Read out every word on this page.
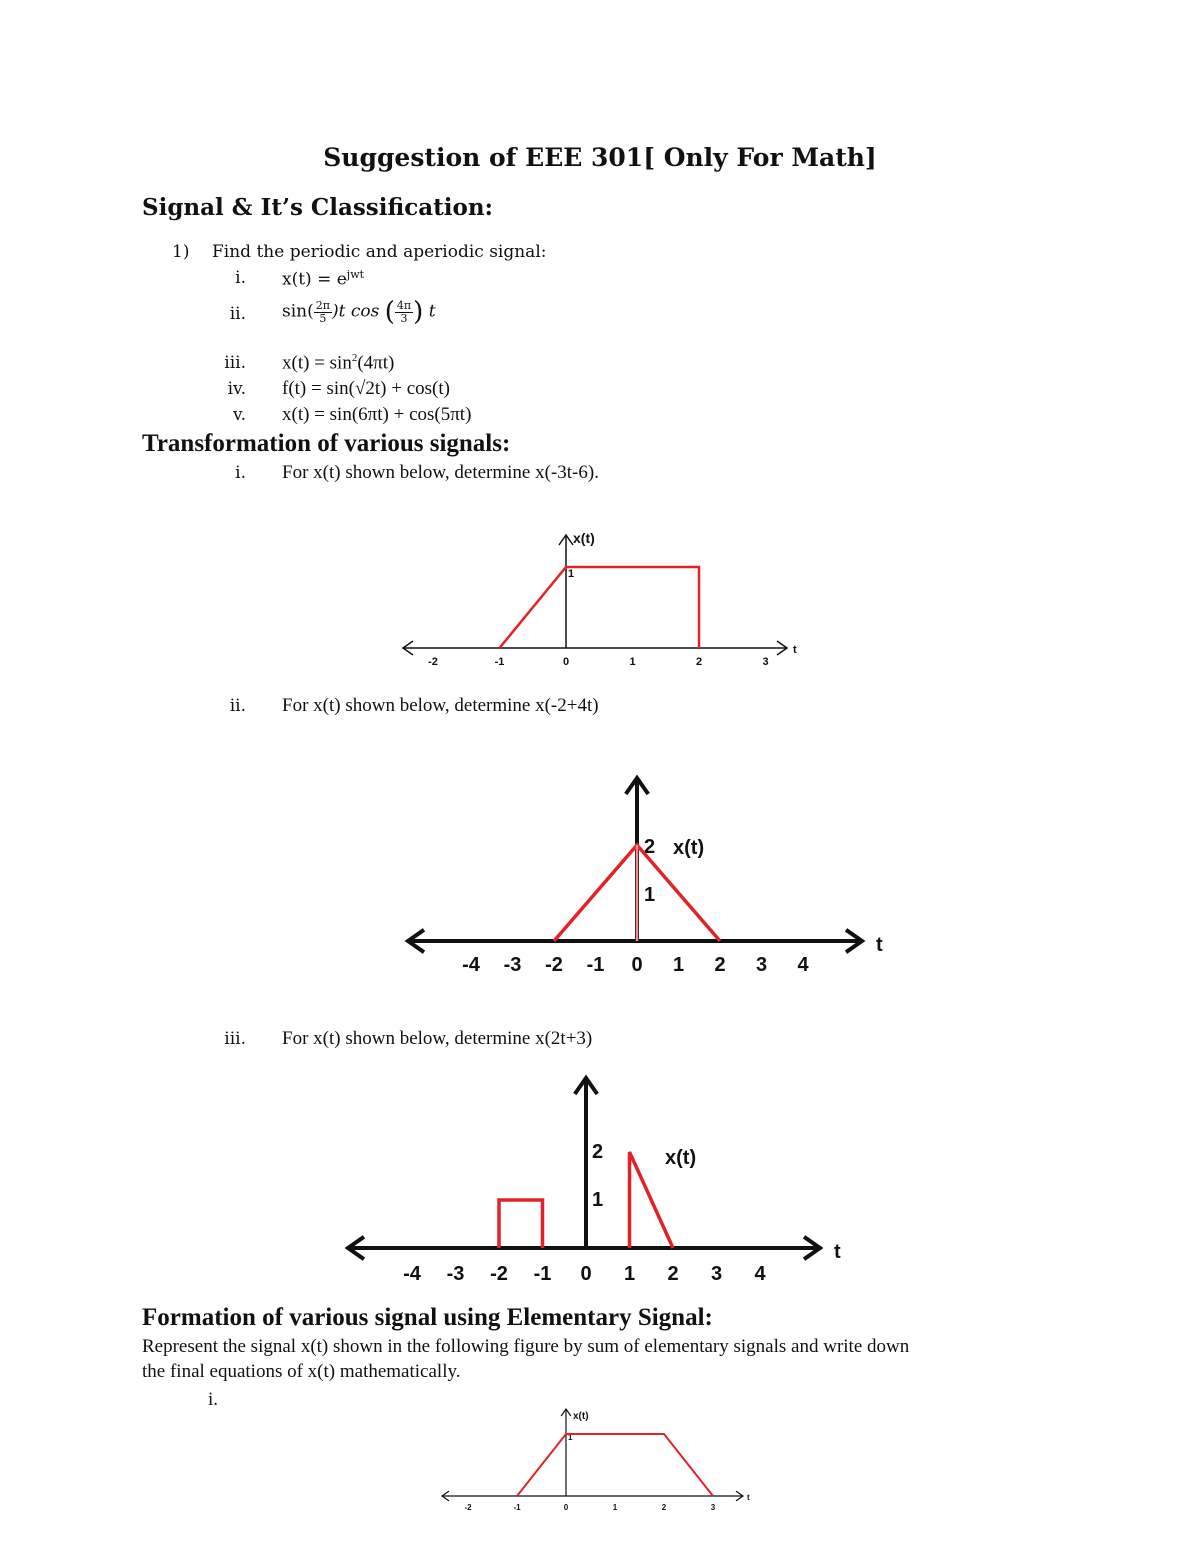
Suggestion of EEE 301[ Only For Math]
Signal & It’s Classification:
1) Find the periodic and aperiodic signal:
i. $x(t) = e^{jwt}$
ii. $\sin( \frac{2\pi}{5} )t$ cos ( $\frac{4\pi}{3}$ ) t
iii. $x(t) = \sin^2(4\pi t)$
iv. f(t) = sin(√2t) + cos(t)
v. x(t) = sin(6πt) + cos(5πt)
Transformation of various signals:
i. For x(t) shown below, determine x(-3t-6).
-2	-1	0	1	2	3
1
t
x(t)
ii. For x(t) shown below, determine x(-2+4t)
-4 -3 -2 -1 0 1 2 3 4
1
2
t
x(t)
iii. For x(t) shown below, determine x(2t+3)
-4 -3 -2 -1 0 1 2 3 4
1
2
t
x(t)
Formation of various signal using Elementary Signal:
Represent the signal x(t) shown in the following figure by sum of elementary signals and write down
the final equations of x(t) mathematically.
i.
-2	-1	0	1	2	3
1
t
x(t)
